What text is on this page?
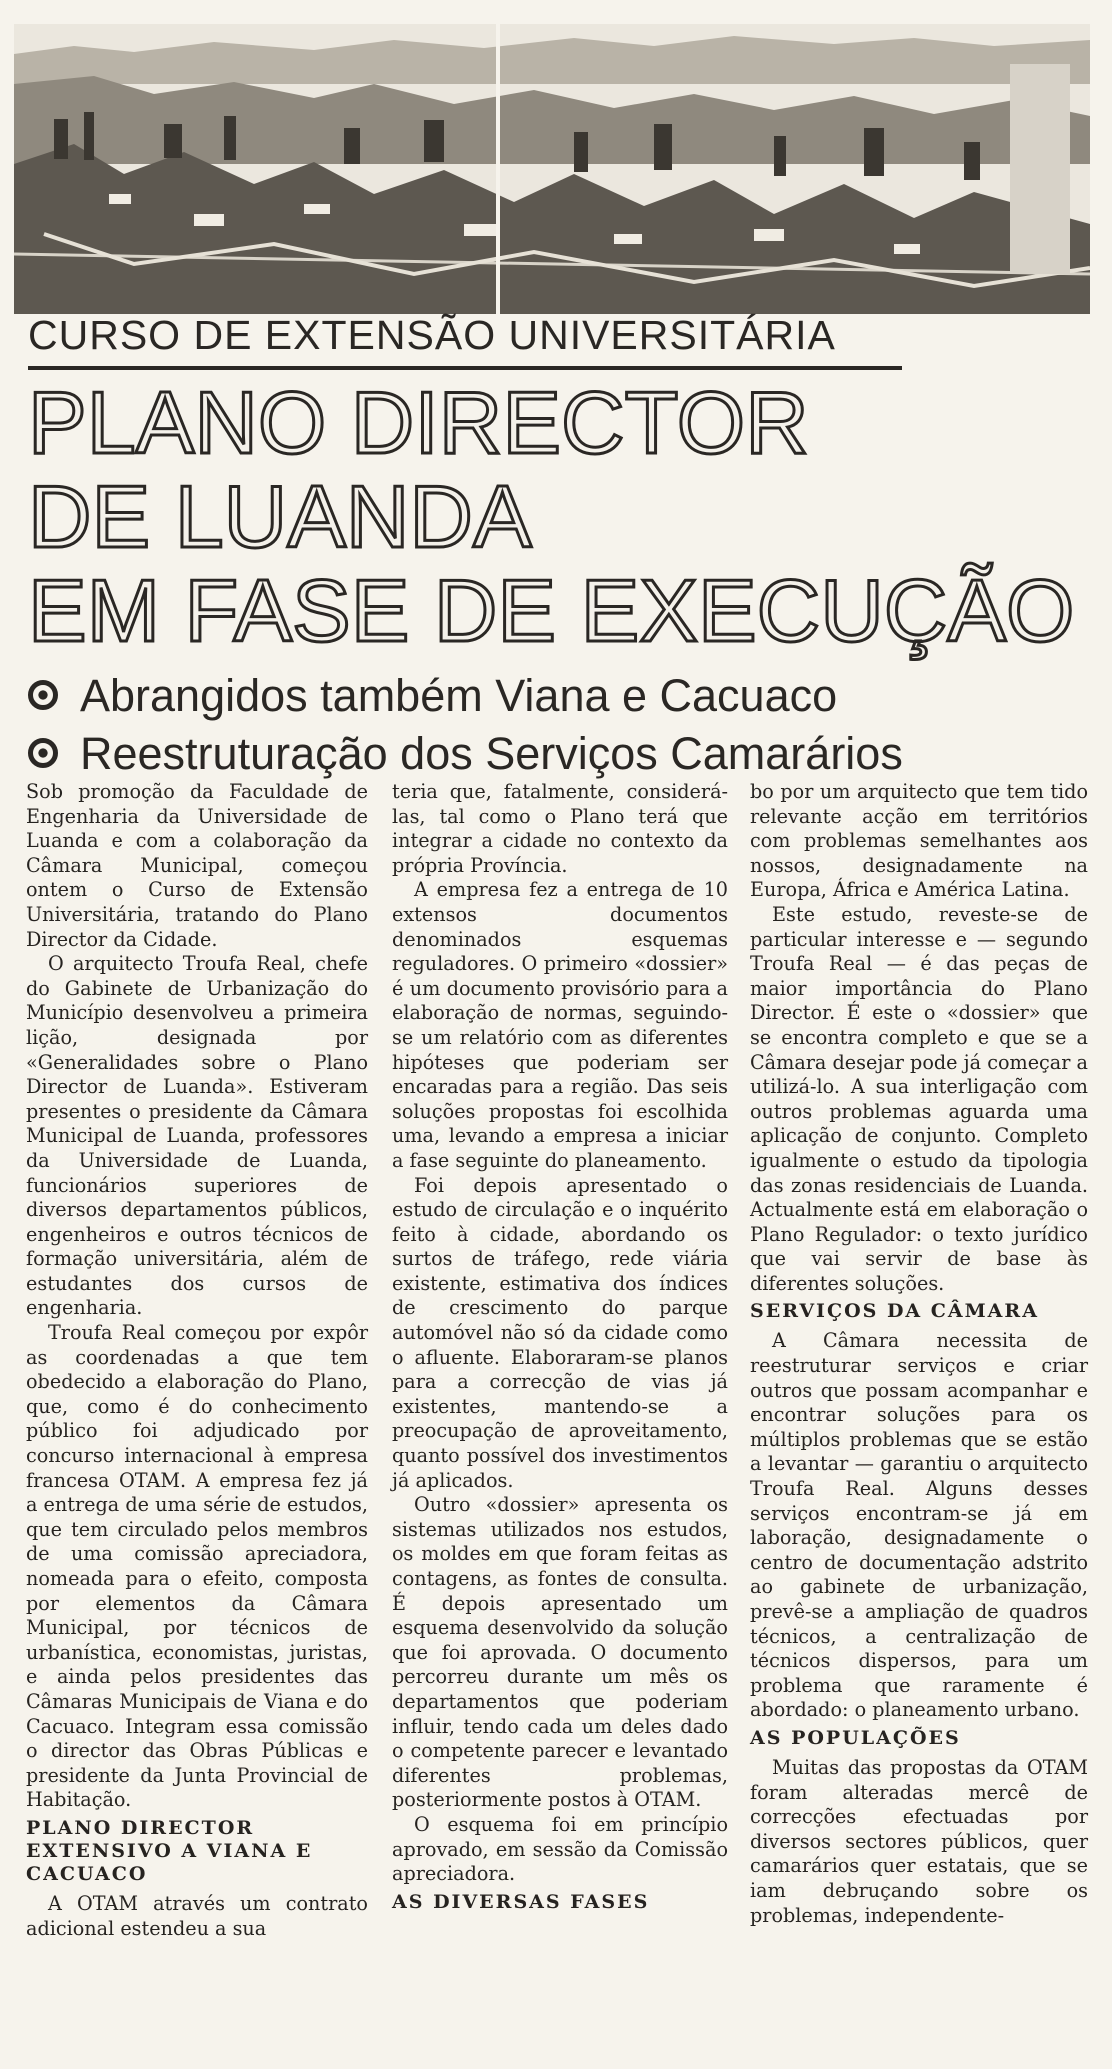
CURSO DE EXTENSÃO UNIVERSITÁRIA
PLANO DIRECTOR
DE LUANDA
EM FASE DE EXECUÇÃO
Abrangidos também Viana e Cacuaco
Reestruturação dos Serviços Camarários

Sob promoção da Faculdade de Engenharia da Universidade de Luanda e com a colaboração da Câmara Municipal, começou ontem o Curso de Extensão Universitária, tratando do Plano Director da Cidade.

O arquitecto Troufa Real, chefe do Gabinete de Urbanização do Município desenvolveu a primeira lição, designada por «Generalidades sobre o Plano Director de Luanda». Estiveram presentes o presidente da Câmara Municipal de Luanda, professores da Universidade de Luanda, funcionários superiores de diversos departamentos públicos, engenheiros e outros técnicos de formação universitária, além de estudantes dos cursos de engenharia.

Troufa Real começou por expôr as coordenadas a que tem obedecido a elaboração do Plano, que, como é do conhecimento público foi adjudicado por concurso internacional à empresa francesa OTAM. A empresa fez já a entrega de uma série de estudos, que tem circulado pelos membros de uma comissão apreciadora, nomeada para o efeito, composta por elementos da Câmara Municipal, por técnicos de urbanística, economistas, juristas, e ainda pelos presidentes das Câmaras Municipais de Viana e do Cacuaco. Integram essa comissão o director das Obras Públicas e presidente da Junta Provincial de Habitação.

PLANO DIRECTOR EXTENSIVO A VIANA E CACUACO

A OTAM através um contrato adicional estendeu a sua

teria que, fatalmente, considerá-las, tal como o Plano terá que integrar a cidade no contexto da própria Província.

A empresa fez a entrega de 10 extensos documentos denominados esquemas reguladores. O primeiro «dossier» é um documento provisório para a elaboração de normas, seguindo-se um relatório com as diferentes hipóteses que poderiam ser encaradas para a região. Das seis soluções propostas foi escolhida uma, levando a empresa a iniciar a fase seguinte do planeamento.

Foi depois apresentado o estudo de circulação e o inquérito feito à cidade, abordando os surtos de tráfego, rede viária existente, estimativa dos índices de crescimento do parque automóvel não só da cidade como o afluente. Elaboraram-se planos para a correcção de vias já existentes, mantendo-se a preocupação de aproveitamento, quanto possível dos investimentos já aplicados.

Outro «dossier» apresenta os sistemas utilizados nos estudos, os moldes em que foram feitas as contagens, as fontes de consulta. É depois apresentado um esquema desenvolvido da solução que foi aprovada. O documento percorreu durante um mês os departamentos que poderiam influir, tendo cada um deles dado o competente parecer e levantado diferentes problemas, posteriormente postos à OTAM.

O esquema foi em princípio aprovado, em sessão da Comissão apreciadora.

AS DIVERSAS FASES

bo por um arquitecto que tem tido relevante acção em territórios com problemas semelhantes aos nossos, designadamente na Europa, África e América Latina.

Este estudo, reveste-se de particular interesse e — segundo Troufa Real — é das peças de maior importância do Plano Director. É este o «dossier» que se encontra completo e que se a Câmara desejar pode já começar a utilizá-lo. A sua interligação com outros problemas aguarda uma aplicação de conjunto. Completo igualmente o estudo da tipologia das zonas residenciais de Luanda. Actualmente está em elaboração o Plano Regulador: o texto jurídico que vai servir de base às diferentes soluções.

SERVIÇOS DA CÂMARA

A Câmara necessita de reestruturar serviços e criar outros que possam acompanhar e encontrar soluções para os múltiplos problemas que se estão a levantar — garantiu o arquitecto Troufa Real. Alguns desses serviços encontram-se já em laboração, designadamente o centro de documentação adstrito ao gabinete de urbanização, prevê-se a ampliação de quadros técnicos, a centralização de técnicos dispersos, para um problema que raramente é abordado: o planeamento urbano.

AS POPULAÇÕES

Muitas das propostas da OTAM foram alteradas mercê de correcções efectuadas por diversos sectores públicos, quer camarários quer estatais, que se iam debruçando sobre os problemas, independente-
